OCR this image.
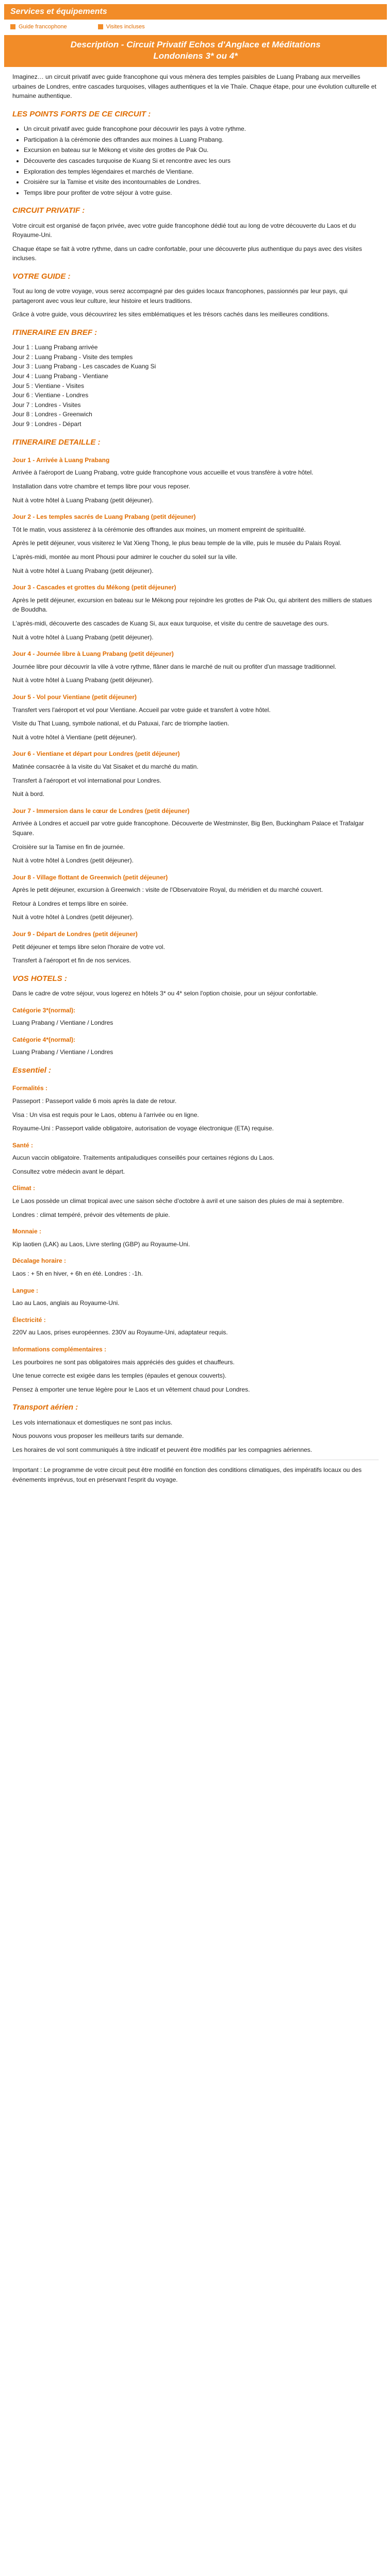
Services et équipements
Guide francophone	Visites incluses
Description - Circuit Privatif Echos d'Anglace et Méditations
Londoniens 3* ou 4*

Imaginez… un circuit privatif avec guide francophone qui vous mènera des temples paisibles de Luang Prabang aux merveilles urbaines de Londres, entre cascades turquoises, villages authentiques et la vie Thaïe. Chaque étape, pour une évolution culturelle et humaine authentique.

LES POINTS FORTS DE CE CIRCUIT :
• Un circuit privatif avec guide francophone pour découvrir les pays à votre rythme.
• Participation à la cérémonie des offrandes aux moines à Luang Prabang.
• Excursion en bateau sur le Mékong et visite des grottes de Pak Ou.
• Découverte des cascades turquoise de Kuang Si et rencontre avec les ours
• Exploration des temples légendaires et marchés de Vientiane.
• Croisière sur la Tamise et visite des incontournables de Londres.
• Temps libre pour profiter de votre séjour à votre guise.
CIRCUIT PRIVATIF :

Votre circuit est organisé de façon privée, avec votre guide francophone dédié tout au long de votre découverte du Laos et du Royaume-Uni.

Chaque étape se fait à votre rythme, dans un cadre confortable, pour une découverte plus authentique du pays avec des visites incluses.

VOTRE GUIDE :

Tout au long de votre voyage, vous serez accompagné par des guides locaux francophones, passionnés par leur pays, qui partageront avec vous leur culture, leur histoire et leurs traditions.

Grâce à votre guide, vous découvrirez les sites emblématiques et les trésors cachés dans les meilleures conditions.

ITINERAIRE EN BREF :
Jour 1 : Luang Prabang arrivée
Jour 2 : Luang Prabang - Visite des temples
Jour 3 : Luang Prabang - Les cascades de Kuang Si
Jour 4 : Luang Prabang - Vientiane
Jour 5 : Vientiane - Visites
Jour 6 : Vientiane - Londres
Jour 7 : Londres - Visites
Jour 8 : Londres - Greenwich
Jour 9 : Londres - Départ
ITINERAIRE DETAILLE :
Jour 1 - Arrivée à Luang Prabang

Arrivée à l'aéroport de Luang Prabang, votre guide francophone vous accueille et vous transfère à votre hôtel.

Installation dans votre chambre et temps libre pour vous reposer.

Nuit à votre hôtel à Luang Prabang (petit déjeuner).

Jour 2 - Les temples sacrés de Luang Prabang (petit déjeuner)

Tôt le matin, vous assisterez à la cérémonie des offrandes aux moines, un moment empreint de spiritualité.

Après le petit déjeuner, vous visiterez le Vat Xieng Thong, le plus beau temple de la ville, puis le musée du Palais Royal.

L'après-midi, montée au mont Phousi pour admirer le coucher du soleil sur la ville.

Nuit à votre hôtel à Luang Prabang (petit déjeuner).

Jour 3 - Cascades et grottes du Mékong (petit déjeuner)

Après le petit déjeuner, excursion en bateau sur le Mékong pour rejoindre les grottes de Pak Ou, qui abritent des milliers de statues de Bouddha.

L'après-midi, découverte des cascades de Kuang Si, aux eaux turquoise, et visite du centre de sauvetage des ours.

Nuit à votre hôtel à Luang Prabang (petit déjeuner).

Jour 4 - Journée libre à Luang Prabang (petit déjeuner)

Journée libre pour découvrir la ville à votre rythme, flâner dans le marché de nuit ou profiter d'un massage traditionnel.

Nuit à votre hôtel à Luang Prabang (petit déjeuner).

Jour 5 - Vol pour Vientiane (petit déjeuner)

Transfert vers l'aéroport et vol pour Vientiane. Accueil par votre guide et transfert à votre hôtel.

Visite du That Luang, symbole national, et du Patuxai, l'arc de triomphe laotien.

Nuit à votre hôtel à Vientiane (petit déjeuner).

Jour 6 - Vientiane et départ pour Londres (petit déjeuner)

Matinée consacrée à la visite du Vat Sisaket et du marché du matin.

Transfert à l'aéroport et vol international pour Londres.

Nuit à bord.

Jour 7 - Immersion dans le cœur de Londres (petit déjeuner)

Arrivée à Londres et accueil par votre guide francophone. Découverte de Westminster, Big Ben, Buckingham Palace et Trafalgar Square.

Croisière sur la Tamise en fin de journée.

Nuit à votre hôtel à Londres (petit déjeuner).

Jour 8 - Village flottant de Greenwich (petit déjeuner)

Après le petit déjeuner, excursion à Greenwich : visite de l'Observatoire Royal, du méridien et du marché couvert.

Retour à Londres et temps libre en soirée.

Nuit à votre hôtel à Londres (petit déjeuner).

Jour 9 - Départ de Londres (petit déjeuner)

Petit déjeuner et temps libre selon l'horaire de votre vol.

Transfert à l'aéroport et fin de nos services.

VOS HOTELS :

Dans le cadre de votre séjour, vous logerez en hôtels 3* ou 4* selon l'option choisie, pour un séjour confortable.

Catégorie 3*(normal):

Luang Prabang / Vientiane / Londres

Catégorie 4*(normal):

Luang Prabang / Vientiane / Londres

Essentiel :
Formalités :

Passeport : Passeport valide 6 mois après la date de retour.

Visa : Un visa est requis pour le Laos, obtenu à l'arrivée ou en ligne.

Royaume-Uni : Passeport valide obligatoire, autorisation de voyage électronique (ETA) requise.

Santé :

Aucun vaccin obligatoire. Traitements antipaludiques conseillés pour certaines régions du Laos.

Consultez votre médecin avant le départ.

Climat :

Le Laos possède un climat tropical avec une saison sèche d'octobre à avril et une saison des pluies de mai à septembre.

Londres : climat tempéré, prévoir des vêtements de pluie.

Monnaie :

Kip laotien (LAK) au Laos, Livre sterling (GBP) au Royaume-Uni.

Décalage horaire :

Laos : + 5h en hiver, + 6h en été. Londres : -1h.

Langue :

Lao au Laos, anglais au Royaume-Uni.

Électricité :

220V au Laos, prises européennes. 230V au Royaume-Uni, adaptateur requis.

Informations complémentaires :

Les pourboires ne sont pas obligatoires mais appréciés des guides et chauffeurs.

Une tenue correcte est exigée dans les temples (épaules et genoux couverts).

Pensez à emporter une tenue légère pour le Laos et un vêtement chaud pour Londres.

Transport aérien :

Les vols internationaux et domestiques ne sont pas inclus.

Nous pouvons vous proposer les meilleurs tarifs sur demande.

Les horaires de vol sont communiqués à titre indicatif et peuvent être modifiés par les compagnies aériennes.

Important : Le programme de votre circuit peut être modifié en fonction des conditions climatiques, des impératifs locaux ou des événements imprévus, tout en préservant l'esprit du voyage.
